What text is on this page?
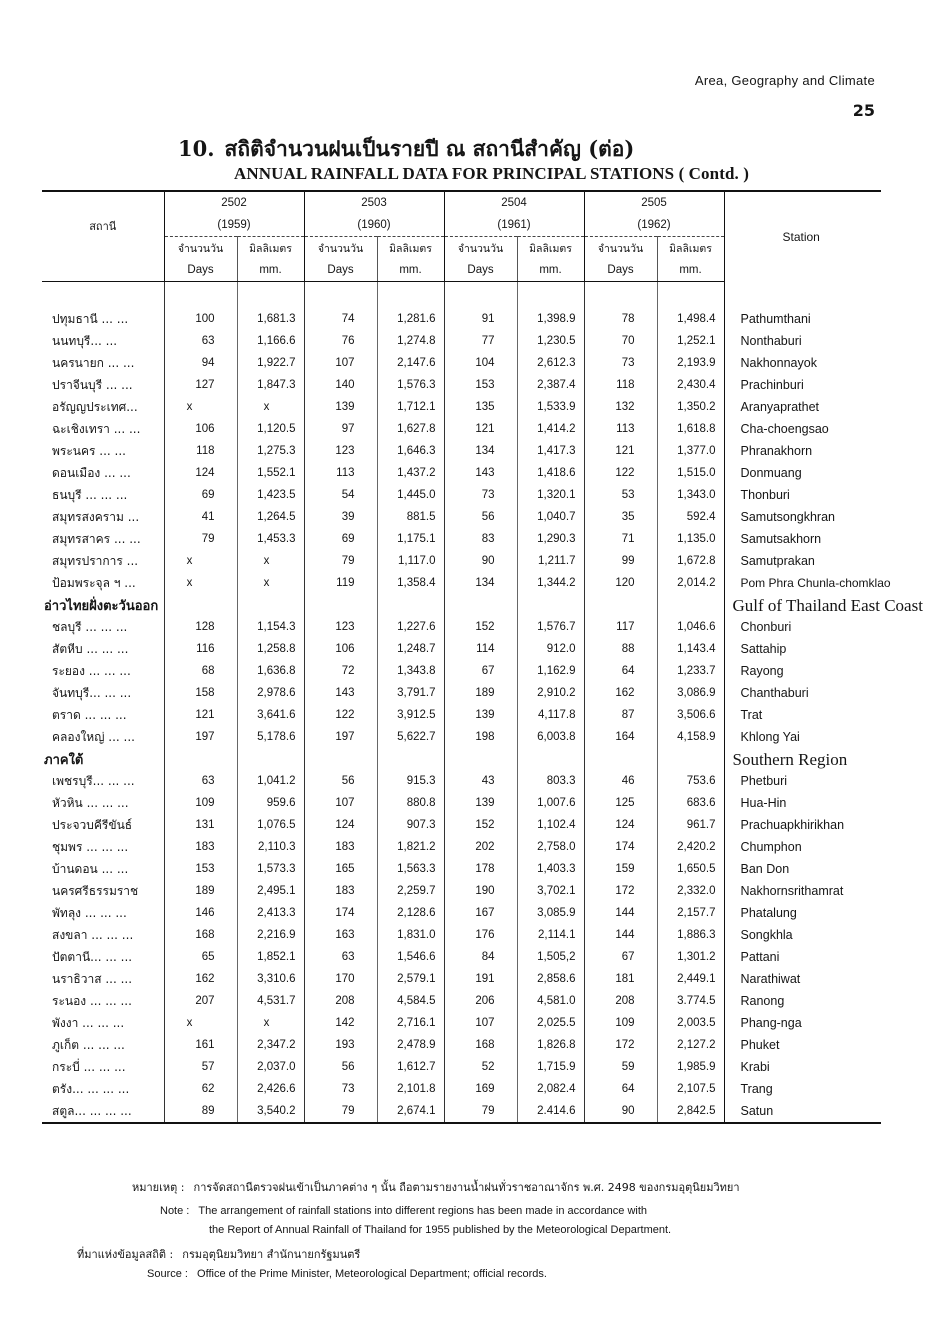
Area, Geography and Climate
25
10. สถิติจำนวนฝนเป็นรายปี ณ สถานีสำคัญ (ต่อ)
ANNUAL RAINFALL DATA FOR PRINCIPAL STATIONS ( Contd. )
สถานี	2502		2503		2504		2505		Station
	(1959)		(1960)		(1961)		(1962)		
	จำนวนวัน	มิลลิเมตร	จำนวนวัน	มิลลิเมตร	จำนวนวัน	มิลลิเมตร	จำนวนวัน	มิลลิเมตร	
	Days	mm.	Days	mm.	Days	mm.	Days	mm.	

ปทุมธานี ... ...	100	1,681.3	74	1,281.6	91	1,398.9	78	1,498.4	Pathumthani
นนทบุรี... ...	63	1,166.6	76	1,274.8	77	1,230.5	70	1,252.1	Nonthaburi
นครนายก ... ...	94	1,922.7	107	2,147.6	104	2,612.3	73	2,193.9	Nakhonnayok
ปราจีนบุรี ... ...	127	1,847.3	140	1,576.3	153	2,387.4	118	2,430.4	Prachinburi
อรัญญประเทศ...	x	x	139	1,712.1	135	1,533.9	132	1,350.2	Aranyaprathet
ฉะเชิงเทรา ... ...	106	1,120.5	97	1,627.8	121	1,414.2	113	1,618.8	Cha-choengsao
พระนคร ... ...	118	1,275.3	123	1,646.3	134	1,417.3	121	1,377.0	Phranakhorn
ดอนเมือง ... ...	124	1,552.1	113	1,437.2	143	1,418.6	122	1,515.0	Donmuang
ธนบุรี ... ... ...	69	1,423.5	54	1,445.0	73	1,320.1	53	1,343.0	Thonburi
สมุทรสงคราม ...	41	1,264.5	39	881.5	56	1,040.7	35	592.4	Samutsongkhran
สมุทรสาคร ... ...	79	1,453.3	69	1,175.1	83	1,290.3	71	1,135.0	Samutsakhorn
สมุทรปราการ ...	x	x	79	1,117.0	90	1,211.7	99	1,672.8	Samutprakan
ป้อมพระจุล ฯ ...	x	x	119	1,358.4	134	1,344.2	120	2,014.2	Pom Phra Chunla-chomklao
อ่าวไทยฝั่งตะวันออก									Gulf of Thailand East Coast
ชลบุรี ... ... ...	128	1,154.3	123	1,227.6	152	1,576.7	117	1,046.6	Chonburi
สัตหีบ ... ... ...	116	1,258.8	106	1,248.7	114	912.0	88	1,143.4	Sattahip
ระยอง ... ... ...	68	1,636.8	72	1,343.8	67	1,162.9	64	1,233.7	Rayong
จันทบุรี... ... ...	158	2,978.6	143	3,791.7	189	2,910.2	162	3,086.9	Chanthaburi
ตราด ... ... ...	121	3,641.6	122	3,912.5	139	4,117.8	87	3,506.6	Trat
คลองใหญ่ ... ...	197	5,178.6	197	5,622.7	198	6,003.8	164	4,158.9	Khlong Yai
ภาคใต้									Southern Region
เพชรบุรี... ... ...	63	1,041.2	56	915.3	43	803.3	46	753.6	Phetburi
หัวหิน ... ... ...	109	959.6	107	880.8	139	1,007.6	125	683.6	Hua-Hin
ประจวบคีรีขันธ์	131	1,076.5	124	907.3	152	1,102.4	124	961.7	Prachuapkhirikhan
ชุมพร ... ... ...	183	2,110.3	183	1,821.2	202	2,758.0	174	2,420.2	Chumphon
บ้านดอน ... ...	153	1,573.3	165	1,563.3	178	1,403.3	159	1,650.5	Ban Don
นครศรีธรรมราช	189	2,495.1	183	2,259.7	190	3,702.1	172	2,332.0	Nakhornsrithamrat
พัทลุง ... ... ...	146	2,413.3	174	2,128.6	167	3,085.9	144	2,157.7	Phatalung
สงขลา ... ... ...	168	2,216.9	163	1,831.0	176	2,114.1	144	1,886.3	Songkhla
ปัตตานี... ... ...	65	1,852.1	63	1,546.6	84	1,505,2	67	1,301.2	Pattani
นราธิวาส ... ...	162	3,310.6	170	2,579.1	191	2,858.6	181	2,449.1	Narathiwat
ระนอง ... ... ...	207	4,531.7	208	4,584.5	206	4,581.0	208	3.774.5	Ranong
พังงา ... ... ...	x	x	142	2,716.1	107	2,025.5	109	2,003.5	Phang-nga
ภูเก็ต ... ... ...	161	2,347.2	193	2,478.9	168	1,826.8	172	2,127.2	Phuket
กระบี่ ... ... ...	57	2,037.0	56	1,612.7	52	1,715.9	59	1,985.9	Krabi
ตรัง... ... ... ...	62	2,426.6	73	2,101.8	169	2,082.4	64	2,107.5	Trang
สตูล... ... ... ...	89	3,540.2	79	2,674.1	79	2.414.6	90	2,842.5	Satun
หมายเหตุ : การจัดสถานีตรวจฝนเข้าเป็นภาคต่าง ๆ นั้น ถือตามรายงานน้ำฝนทั่วราชอาณาจักร พ.ศ. 2498 ของกรมอุตุนิยมวิทยา
Note : The arrangement of rainfall stations into different regions has been made in accordance with
the Report of Annual Rainfall of Thailand for 1955 published by the Meteorological Department.
ที่มาแห่งข้อมูลสถิติ : กรมอุตุนิยมวิทยา สำนักนายกรัฐมนตรี
Source : Office of the Prime Minister, Meteorological Department; official records.
